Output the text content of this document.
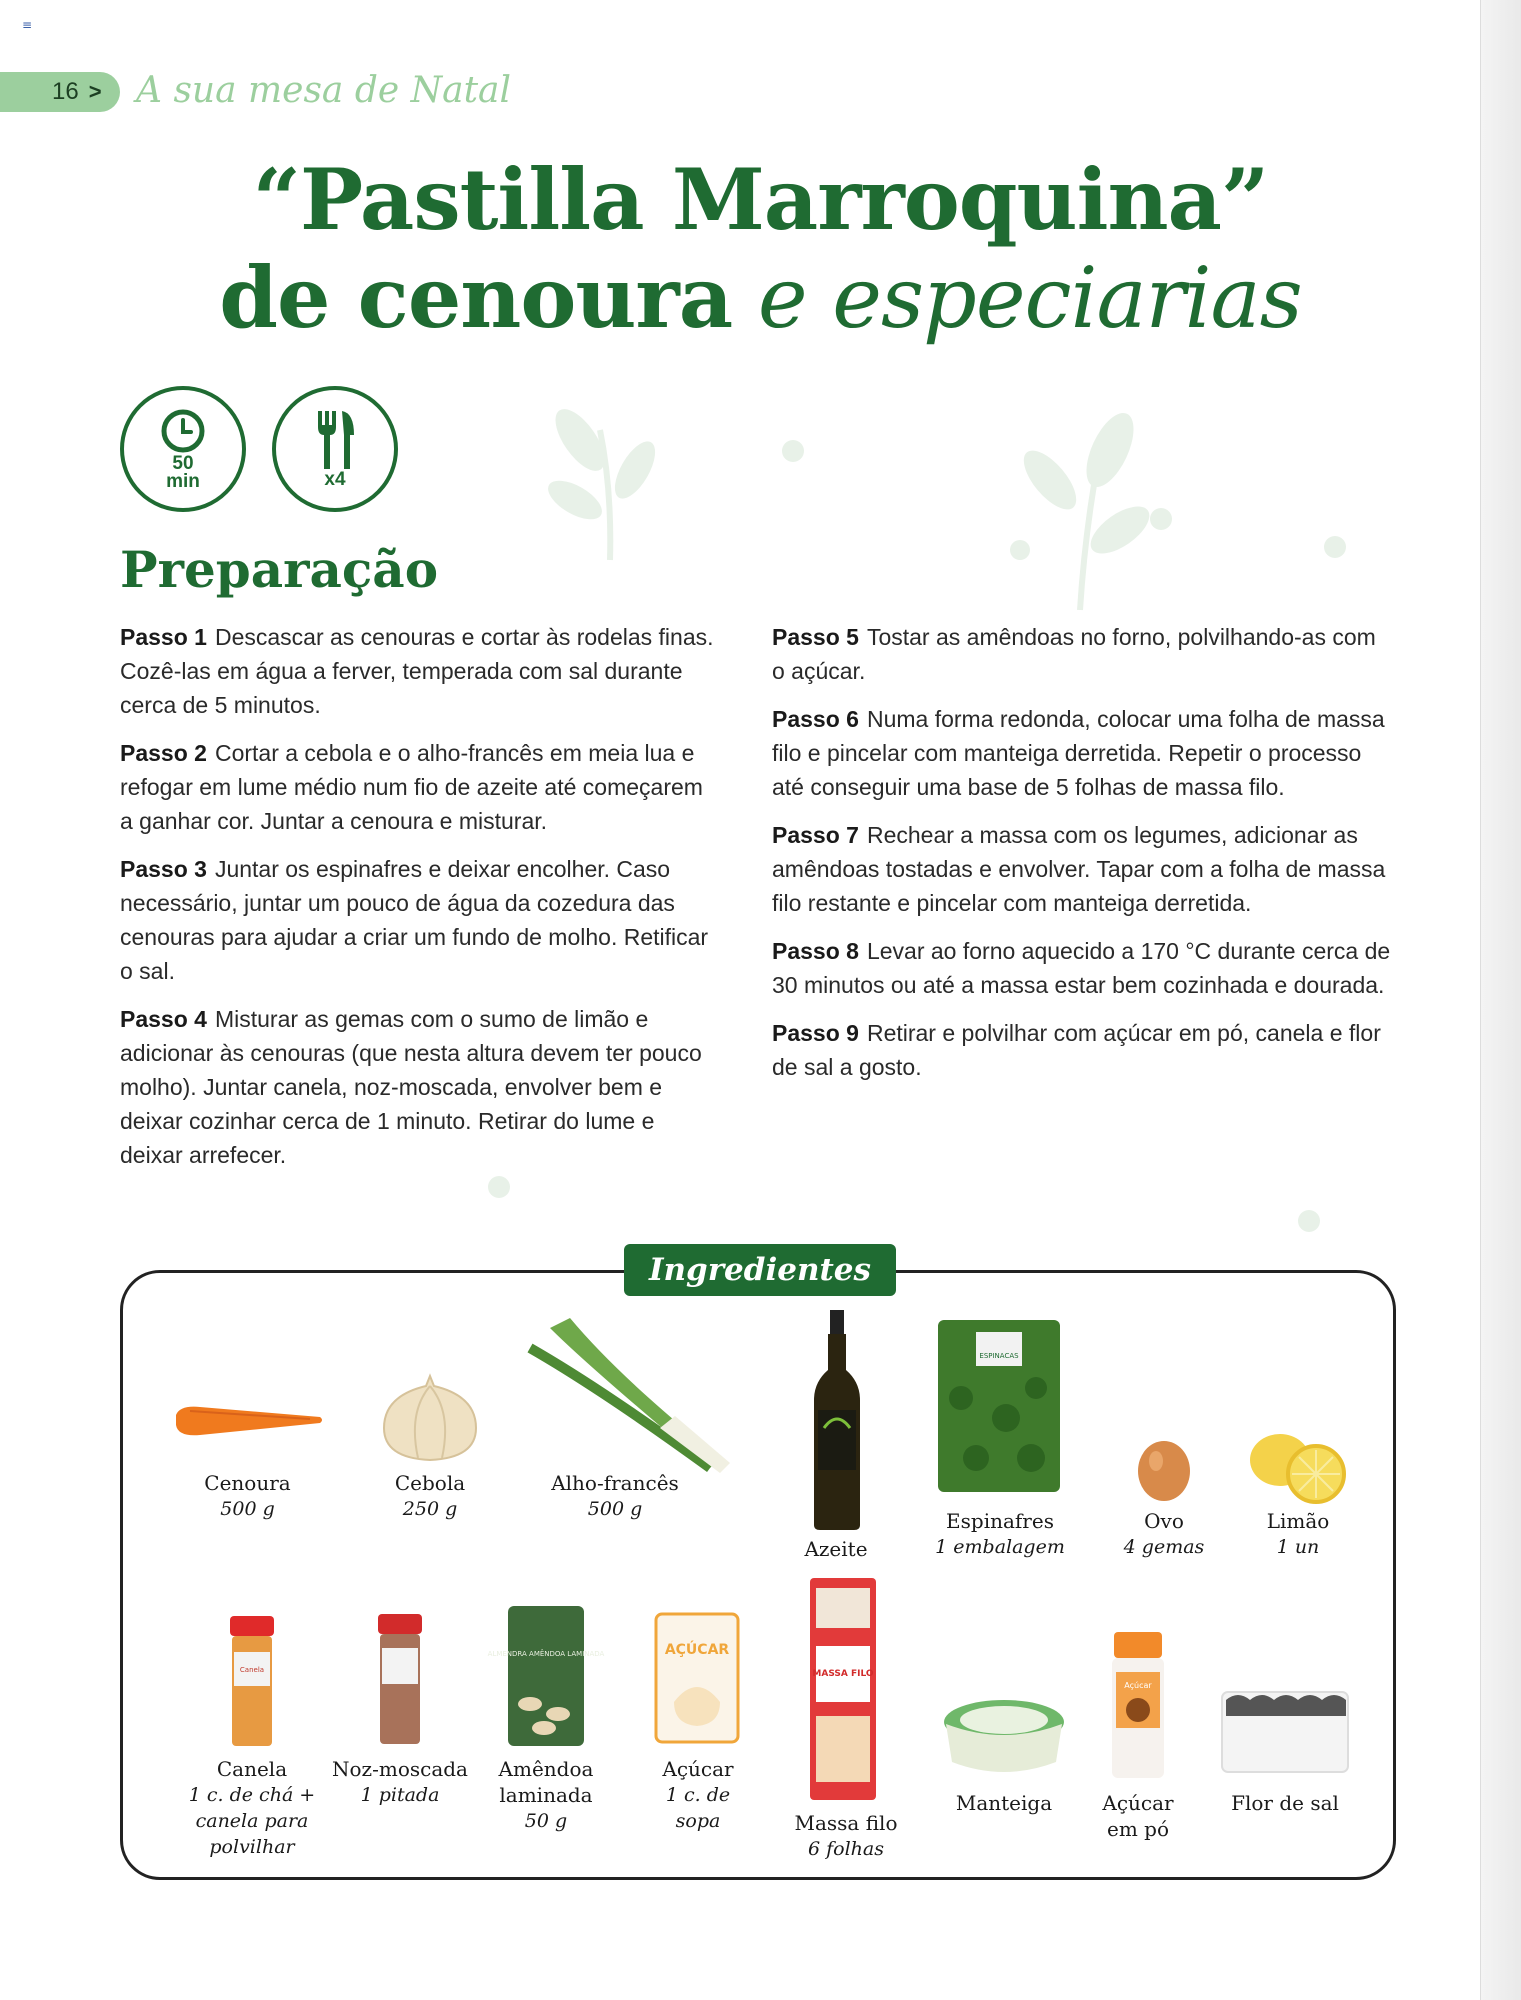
≡
16 > A sua mesa de Natal
“Pastilla Marroquina”
de cenoura e especiarias
50
min	x4
Preparação

Passo 1 Descascar as cenouras e cortar às rodelas finas. Cozê-las em água a ferver, temperada com sal durante cerca de 5 minutos.

Passo 2 Cortar a cebola e o alho-francês em meia lua e refogar em lume médio num fio de azeite até começarem a ganhar cor. Juntar a cenoura e misturar.

Passo 3 Juntar os espinafres e deixar encolher. Caso necessário, juntar um pouco de água da cozedura das cenouras para ajudar a criar um fundo de molho. Retificar o sal.

Passo 4 Misturar as gemas com o sumo de limão e adicionar às cenouras (que nesta altura devem ter pouco molho). Juntar canela, noz-moscada, envolver bem e deixar cozinhar cerca de 1 minuto. Retirar do lume e deixar arrefecer.

Passo 5 Tostar as amêndoas no forno, polvilhando-as com o açúcar.

Passo 6 Numa forma redonda, colocar uma folha de massa filo e pincelar com manteiga derretida. Repetir o processo até conseguir uma base de 5 folhas de massa filo.

Passo 7 Rechear a massa com os legumes, adicionar as amêndoas tostadas e envolver. Tapar com a folha de massa filo restante e pincelar com manteiga derretida.

Passo 8 Levar ao forno aquecido a 170 °C durante cerca de 30 minutos ou até a massa estar bem cozinhada e dourada.

Passo 9 Retirar e polvilhar com açúcar em pó, canela e flor de sal a gosto.

Ingredientes
ESPINACAS
Cenoura
500 g
Cebola
250 g
Alho-francês
500 g
Azeite
Espinafres
1 embalagem
Ovo
4 gemas
Limão
1 un
Canela
ALMENDRA AMÊNDOA LAMINADA	AÇÚCAR
MASSA FILO
Açúcar
Canela
1 c. de chá + canela para polvilhar
Noz-moscada
1 pitada
Amêndoa laminada
50 g
Açúcar
1 c. de sopa	Massa filo
6 folhas
Manteiga	Açúcar em pó
Flor de sal
